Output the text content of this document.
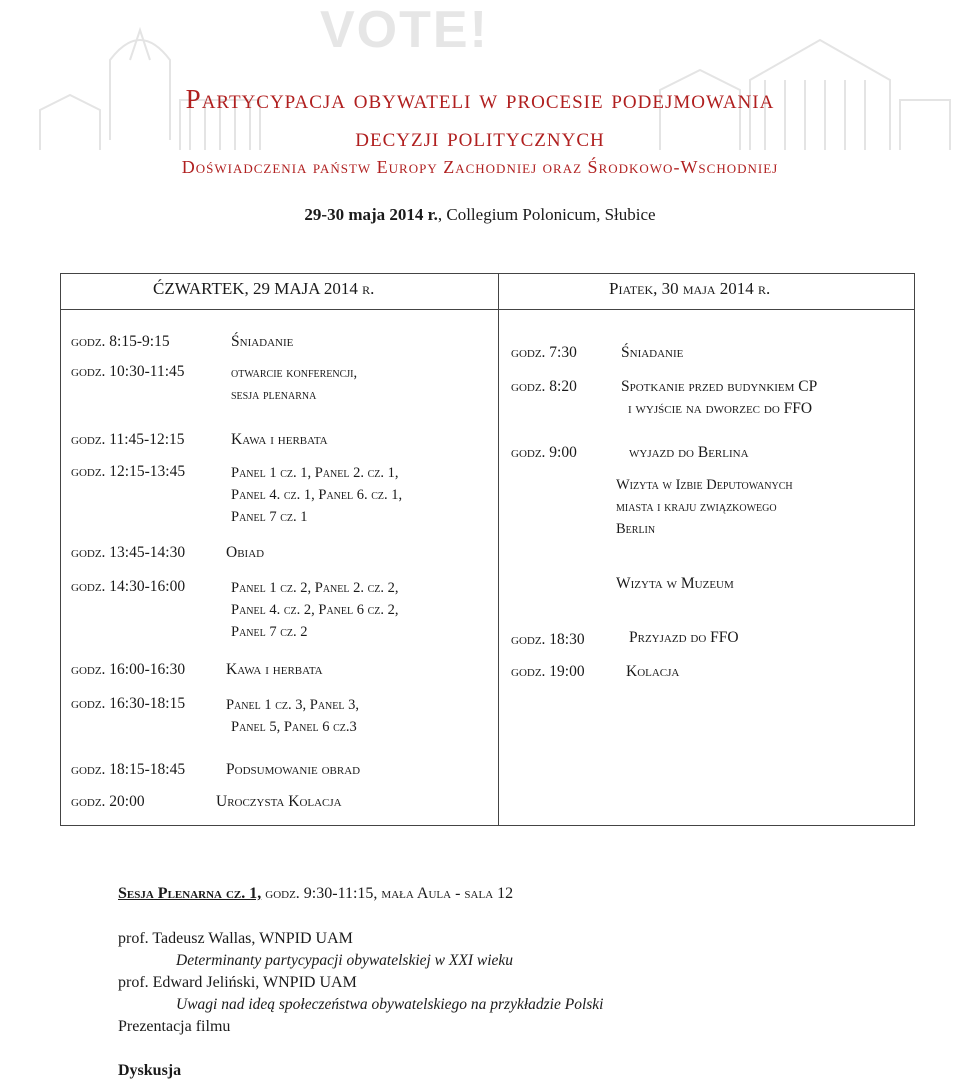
VOTE!
Partycypacja obywateli w procesie podejmowania
decyzji politycznych
Doświadczenia państw Europy Zachodniej oraz Środkowo-Wschodniej
29-30 maja 2014 r., Collegium Polonicum, Słubice
ĆZWARTEK, 29 MAJA 2014 r.	Piatek, 30 maja 2014 r.
godz. 8:15-9:15	Śniadanie
godz. 10:30-11:45	otwarcie konferencji,
sesja plenarna
godz. 11:45-12:15	Kawa i herbata
godz. 12:15-13:45	Panel 1 cz. 1, Panel 2. cz. 1,
Panel 4. cz. 1, Panel 6. cz. 1,
Panel 7 cz. 1
godz. 13:45-14:30	Obiad
godz. 14:30-16:00	Panel 1 cz. 2, Panel 2. cz. 2,
Panel 4. cz. 2, Panel 6 cz. 2,
Panel 7 cz. 2
godz. 16:00-16:30	Kawa i herbata
godz. 16:30-18:15	Panel 1 cz. 3, Panel 3,
Panel 5, Panel 6 cz.3
godz. 18:15-18:45	Podsumowanie obrad
godz. 20:00	Uroczysta Kolacja
godz. 7:30	Śniadanie
godz. 8:20	Spotkanie przed budynkiem CP
i wyjście na dworzec do FFO
godz. 9:00	wyjazd do Berlina
Wizyta w Izbie Deputowanych
miasta i kraju związkowego
Berlin
Wizyta w Muzeum
godz. 18:30	Przyjazd do FFO
godz. 19:00	Kolacja
Sesja Plenarna cz. 1, godz. 9:30-11:15, mała Aula - sala 12
prof. Tadeusz Wallas, WNPID UAM
Determinanty partycypacji obywatelskiej w XXI wieku
prof. Edward Jeliński, WNPID UAM
Uwagi nad ideą społeczeństwa obywatelskiego na przykładzie Polski
Prezentacja filmu
Dyskusja
